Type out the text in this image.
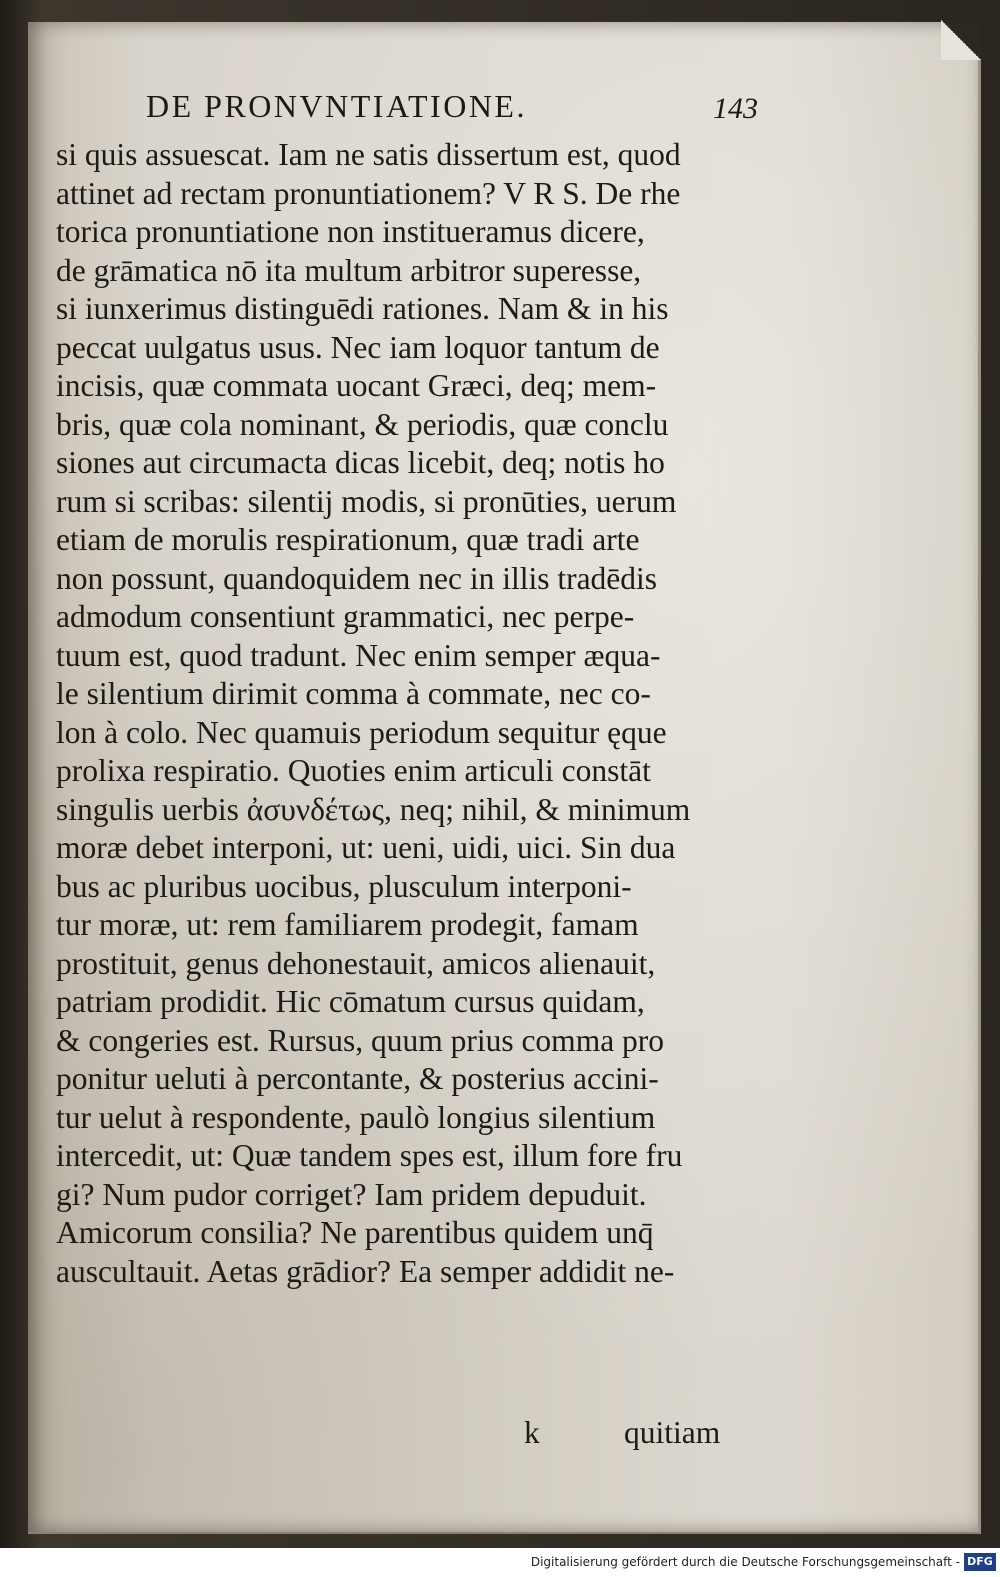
DE PRONVNTIATIONE.	143
si quis assuescat. Iam ne satis dissertum est, quod
attinet ad rectam pronuntiationem? V R S. De rhe
torica pronuntiatione non institueramus dicere,
de grāmatica nō ita multum arbitror superesse,
si iunxerimus distinguēdi rationes. Nam & in his
peccat uulgatus usus. Nec iam loquor tantum de
incisis, quæ commata uocant Græci, deq; mem-
bris, quæ cola nominant, & periodis, quæ conclu
siones aut circumacta dicas licebit, deq; notis ho
rum si scribas: silentij modis, si pronūties, uerum
etiam de morulis respirationum, quæ tradi arte
non possunt, quandoquidem nec in illis tradēdis
admodum consentiunt grammatici, nec perpe-
tuum est, quod tradunt. Nec enim semper æqua-
le silentium dirimit comma à commate, nec co-
lon à colo. Nec quamuis periodum sequitur ęque
prolixa respiratio. Quoties enim articuli constāt
singulis uerbis ἀσυνδέτως, neq; nihil, & minimum
moræ debet interponi, ut: ueni, uidi, uici. Sin dua
bus ac pluribus uocibus, plusculum interponi-
tur moræ, ut: rem familiarem prodegit, famam
prostituit, genus dehonestauit, amicos alienauit,
patriam prodidit. Hic cōmatum cursus quidam,
& congeries est. Rursus, quum prius comma pro
ponitur ueluti à percontante, & posterius accini-
tur uelut à respondente, paulò longius silentium
intercedit, ut: Quæ tandem spes est, illum fore fru
gi? Num pudor corriget? Iam pridem depuduit.
Amicorum consilia? Ne parentibus quidem unq̄
auscultauit. Aetas grādior? Ea semper addidit ne-
k	quitiam
Digitalisierung gefördert durch die Deutsche Forschungsgemeinschaft - DFG
